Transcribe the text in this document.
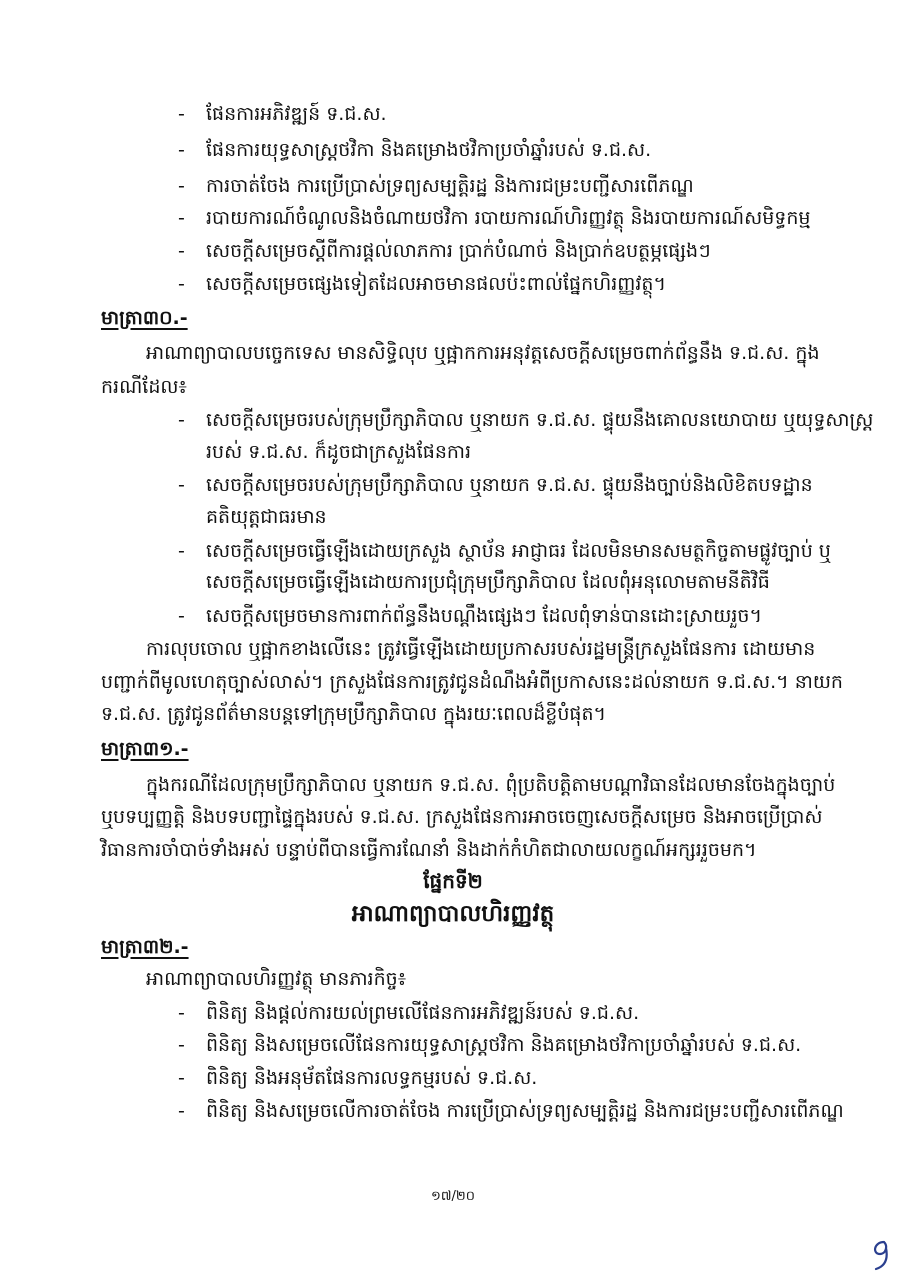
- ផែនការអភិវឌ្ឍន៍ ទ.ជ.ស.
- ផែនការយុទ្ធសាស្ត្រថវិកា និងគម្រោងថវិកាប្រចាំឆ្នាំរបស់ ទ.ជ.ស.
- ការចាត់ចែង ការប្រើប្រាស់ទ្រព្យសម្បត្តិរដ្ឋ និងការជម្រះបញ្ជីសារពើភណ្ឌ
- របាយការណ៍ចំណូលនិងចំណាយថវិកា របាយការណ៍ហិរញ្ញវត្ថុ និងរបាយការណ៍សមិទ្ធកម្ម
- សេចក្តីសម្រេចស្តីពីការផ្តល់លាភការ ប្រាក់បំណាច់ និងប្រាក់ឧបត្ថម្ភផ្សេងៗ
- សេចក្តីសម្រេចផ្សេងទៀតដែលអាចមានផលប៉ះពាល់ផ្នែកហិរញ្ញវត្ថុ។
មាត្រា៣០.-
អាណាព្យាបាលបច្ចេកទេស មានសិទ្ធិលុប ឬផ្អាកការអនុវត្តសេចក្តីសម្រេចពាក់ព័ន្ធនឹង ទ.ជ.ស. ក្នុង
ករណីដែល៖
- សេចក្តីសម្រេចរបស់ក្រុមប្រឹក្សាភិបាល ឬនាយក ទ.ជ.ស. ផ្ទុយនឹងគោលនយោបាយ ឬយុទ្ធសាស្ត្រ
របស់ ទ.ជ.ស. ក៏ដូចជាក្រសួងផែនការ
- សេចក្តីសម្រេចរបស់ក្រុមប្រឹក្សាភិបាល ឬនាយក ទ.ជ.ស. ផ្ទុយនឹងច្បាប់និងលិខិតបទដ្ឋាន
គតិយុត្តជាធរមាន
- សេចក្តីសម្រេចធ្វើឡើងដោយក្រសួង ស្ថាប័ន អាជ្ញាធរ ដែលមិនមានសមត្ថកិច្ចតាមផ្លូវច្បាប់ ឬ
សេចក្តីសម្រេចធ្វើឡើងដោយការប្រជុំក្រុមប្រឹក្សាភិបាល ដែលពុំអនុលោមតាមនីតិវិធី
- សេចក្តីសម្រេចមានការពាក់ព័ន្ធនឹងបណ្តឹងផ្សេងៗ ដែលពុំទាន់បានដោះស្រាយរួច។
ការលុបចោល ឬផ្អាកខាងលើនេះ ត្រូវធ្វើឡើងដោយប្រកាសរបស់រដ្ឋមន្ត្រីក្រសួងផែនការ ដោយមាន
បញ្ជាក់ពីមូលហេតុច្បាស់លាស់។ ក្រសួងផែនការត្រូវជូនដំណឹងអំពីប្រកាសនេះដល់នាយក ទ.ជ.ស.។ នាយក
ទ.ជ.ស. ត្រូវជូនព័ត៌មានបន្តទៅក្រុមប្រឹក្សាភិបាល ក្នុងរយៈពេលដ៏ខ្លីបំផុត។
មាត្រា៣១.-
ក្នុងករណីដែលក្រុមប្រឹក្សាភិបាល ឬនាយក ទ.ជ.ស. ពុំប្រតិបត្តិតាមបណ្តាវិធានដែលមានចែងក្នុងច្បាប់
ឬបទប្បញ្ញត្តិ និងបទបញ្ជាផ្ទៃក្នុងរបស់ ទ.ជ.ស. ក្រសួងផែនការអាចចេញសេចក្តីសម្រេច និងអាចប្រើប្រាស់
វិធានការចាំបាច់ទាំងអស់ បន្ទាប់ពីបានធ្វើការណែនាំ និងដាក់កំហិតជាលាយលក្ខណ៍អក្សររួចមក។
ផ្នែកទី២
អាណាព្យាបាលហិរញ្ញវត្ថុ
មាត្រា៣២.-
អាណាព្យាបាលហិរញ្ញវត្ថុ មានភារកិច្ច៖
- ពិនិត្យ និងផ្តល់ការយល់ព្រមលើផែនការអភិវឌ្ឍន៍របស់ ទ.ជ.ស.
- ពិនិត្យ និងសម្រេចលើផែនការយុទ្ធសាស្ត្រថវិកា និងគម្រោងថវិកាប្រចាំឆ្នាំរបស់ ទ.ជ.ស.
- ពិនិត្យ និងអនុម័តផែនការលទ្ធកម្មរបស់ ទ.ជ.ស.
- ពិនិត្យ និងសម្រេចលើការចាត់ចែង ការប្រើប្រាស់ទ្រព្យសម្បត្តិរដ្ឋ និងការជម្រះបញ្ជីសារពើភណ្ឌ
១៧/២០
